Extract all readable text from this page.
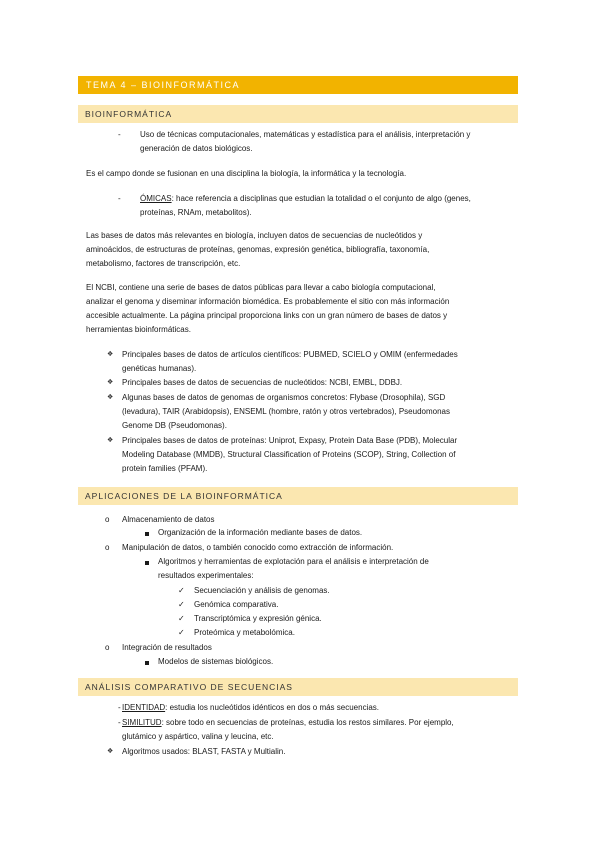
TEMA 4 – BIOINFORMÁTICA
BIOINFORMÁTICA
- Uso de técnicas computacionales, matemáticas y estadística para el análisis, interpretación y

generación de datos biológicos.

Es el campo donde se fusionan en una disciplina la biología, la informática y la tecnología.

- ÓMICAS: hace referencia a disciplinas que estudian la totalidad o el conjunto de algo (genes,

proteínas, RNAm, metabolitos).

Las bases de datos más relevantes en biología, incluyen datos de secuencias de nucleótidos y

aminoácidos, de estructuras de proteínas, genomas, expresión genética, bibliografía, taxonomía,

metabolismo, factores de transcripción, etc.

El NCBI, contiene una serie de bases de datos públicas para llevar a cabo biología computacional,

analizar el genoma y diseminar información biomédica. Es probablemente el sitio con más información

accesible actualmente. La página principal proporciona links con un gran número de bases de datos y

herramientas bioinformáticas.

❖ Principales bases de datos de artículos científicos: PUBMED, SCIELO y OMIM (enfermedades

genéticas humanas).

❖ Principales bases de datos de secuencias de nucleótidos: NCBI, EMBL, DDBJ.

❖ Algunas bases de datos de genomas de organismos concretos: Flybase (Drosophila), SGD

(levadura), TAIR (Arabidopsis), ENSEML (hombre, ratón y otros vertebrados), Pseudomonas

Genome DB (Pseudomonas).

❖ Principales bases de datos de proteínas: Uniprot, Expasy, Protein Data Base (PDB), Molecular

Modeling Database (MMDB), Structural Classification of Proteins (SCOP), String, Collection of

protein families (PFAM).

APLICACIONES DE LA BIOINFORMÁTICA
o Almacenamiento de datos

Organización de la información mediante bases de datos.

o Manipulación de datos, o también conocido como extracción de información.

Algoritmos y herramientas de explotación para el análisis e interpretación de

resultados experimentales:

✓ Secuenciación y análisis de genomas.

✓ Genómica comparativa.

✓ Transcriptómica y expresión génica.

✓ Proteómica y metabolómica.

o Integración de resultados

Modelos de sistemas biológicos.

ANÁLISIS COMPARATIVO DE SECUENCIAS
- IDENTIDAD: estudia los nucleótidos idénticos en dos o más secuencias.

- SIMILITUD: sobre todo en secuencias de proteínas, estudia los restos similares. Por ejemplo,

glutámico y aspártico, valina y leucina, etc.

❖ Algoritmos usados: BLAST, FASTA y Multialin.
